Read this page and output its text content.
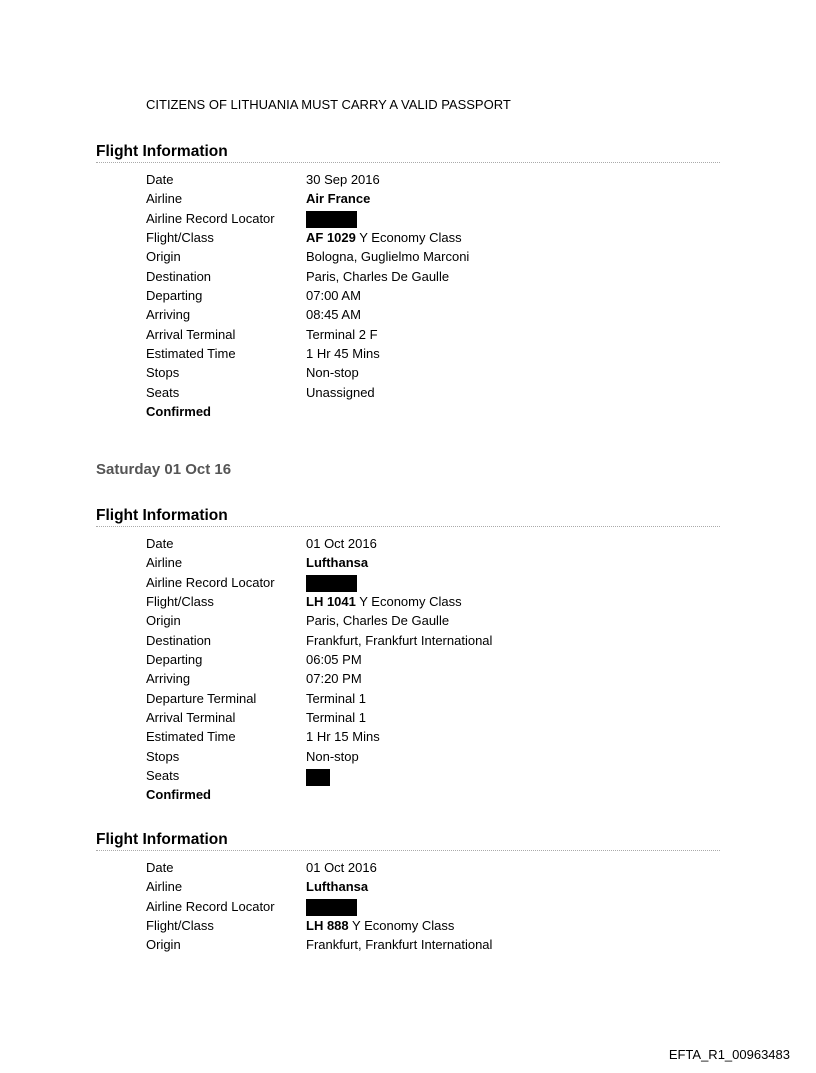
CITIZENS OF LITHUANIA MUST CARRY A VALID PASSPORT
Flight Information
Date	30 Sep 2016
Airline	Air France
Airline Record Locator
Flight/Class	AF 1029 Y Economy Class
Origin	Bologna, Guglielmo Marconi
Destination	Paris, Charles De Gaulle
Departing	07:00 AM
Arriving	08:45 AM
Arrival Terminal	Terminal 2 F
Estimated Time	1 Hr 45 Mins
Stops	Non-stop
Seats	Unassigned
Confirmed
Saturday 01 Oct 16
Flight Information
Date	01 Oct 2016
Airline	Lufthansa
Airline Record Locator
Flight/Class	LH 1041 Y Economy Class
Origin	Paris, Charles De Gaulle
Destination	Frankfurt, Frankfurt International
Departing	06:05 PM
Arriving	07:20 PM
Departure Terminal	Terminal 1
Arrival Terminal	Terminal 1
Estimated Time	1 Hr 15 Mins
Stops	Non-stop
Seats
Confirmed
Flight Information
Date	01 Oct 2016
Airline	Lufthansa
Airline Record Locator
Flight/Class	LH 888 Y Economy Class
Origin	Frankfurt, Frankfurt International
EFTA_R1_00963483
